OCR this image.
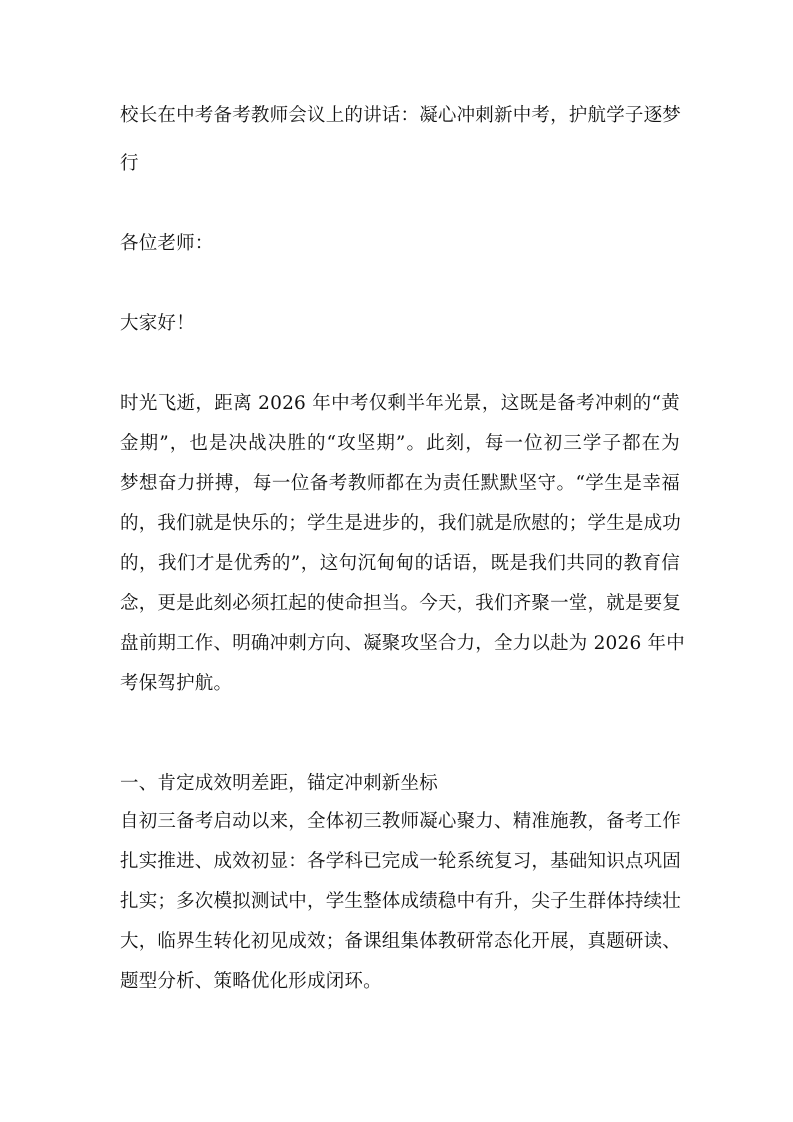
校长在中考备考教师会议上的讲话：凝心冲刺新中考，护航学子逐梦
行
各位老师：
大家好！
时光飞逝，距离 2026 年中考仅剩半年光景，这既是备考冲刺的“黄
金期”，也是决战决胜的“攻坚期”。此刻，每一位初三学子都在为
梦想奋力拼搏，每一位备考教师都在为责任默默坚守。“学生是幸福
的，我们就是快乐的；学生是进步的，我们就是欣慰的；学生是成功
的，我们才是优秀的”，这句沉甸甸的话语，既是我们共同的教育信
念，更是此刻必须扛起的使命担当。今天，我们齐聚一堂，就是要复
盘前期工作、明确冲刺方向、凝聚攻坚合力，全力以赴为 2026 年中
考保驾护航。
一、肯定成效明差距，锚定冲刺新坐标
自初三备考启动以来，全体初三教师凝心聚力、精准施教，备考工作
扎实推进、成效初显：各学科已完成一轮系统复习，基础知识点巩固
扎实；多次模拟测试中，学生整体成绩稳中有升，尖子生群体持续壮
大，临界生转化初见成效；备课组集体教研常态化开展，真题研读、
题型分析、策略优化形成闭环。
